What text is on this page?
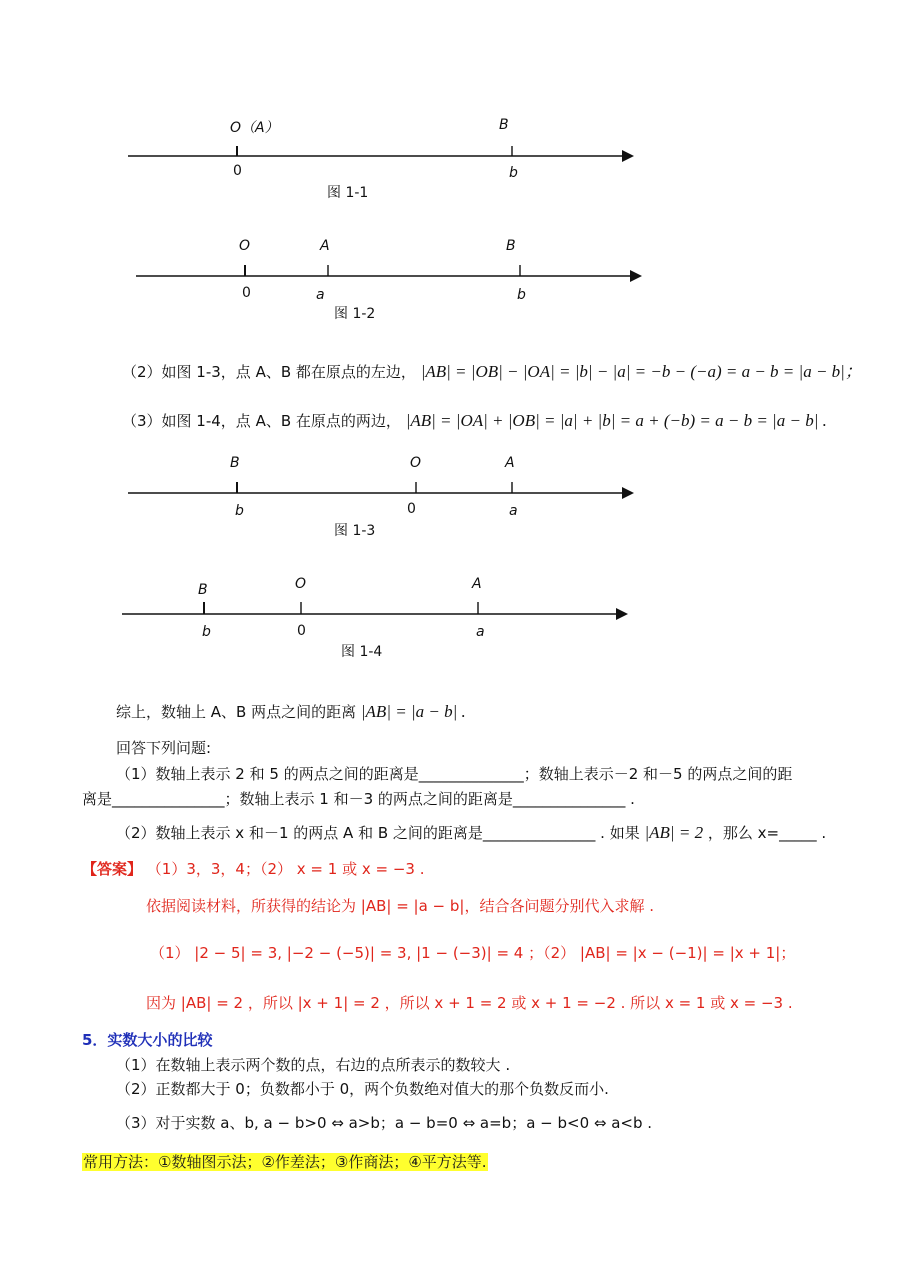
O（A）	B
0	b
图 1-1
O	A	B
0	a	b
图 1-2
（2）如图 1-3，点 A、B 都在原点的左边， |AB| = |OB| − |OA| = |b| − |a| = −b − (−a) = a − b = |a − b|；
（3）如图 1-4，点 A、B 在原点的两边， |AB| = |OA| + |OB| = |a| + |b| = a + (−b) = a − b = |a − b| .
B	O	A
b	0	a
图 1-3
B	O	A
b	0	a
图 1-4
综上，数轴上 A、B 两点之间的距离 |AB| = |a − b| .
回答下列问题:
（1）数轴上表示 2 和 5 的两点之间的距离是______________；数轴上表示－2 和－5 的两点之间的距
离是_______________；数轴上表示 1 和－3 的两点之间的距离是_______________ .
（2）数轴上表示 x 和－1 的两点 A 和 B 之间的距离是_______________ . 如果 |AB| = 2 ，那么 x=_____ .
【答案】 （1）3，3，4；（2） x = 1 或 x = −3 .
依据阅读材料，所获得的结论为 |AB| = |a − b|，结合各问题分别代入求解 .
（1） |2 − 5| = 3, |−2 − (−5)| = 3, |1 − (−3)| = 4 ；（2） |AB| = |x − (−1)| = |x + 1|；
因为 |AB| = 2 ，所以 |x + 1| = 2 ，所以 x + 1 = 2 或 x + 1 = −2 . 所以 x = 1 或 x = −3 .
5．实数大小的比较
（1）在数轴上表示两个数的点，右边的点所表示的数较大 .
（2）正数都大于 0；负数都小于 0，两个负数绝对值大的那个负数反而小.
（3）对于实数 a、b, a − b>0 ⇔ a>b；a − b=0 ⇔ a=b；a − b<0 ⇔ a<b .
常用方法：①数轴图示法；②作差法；③作商法；④平方法等.
